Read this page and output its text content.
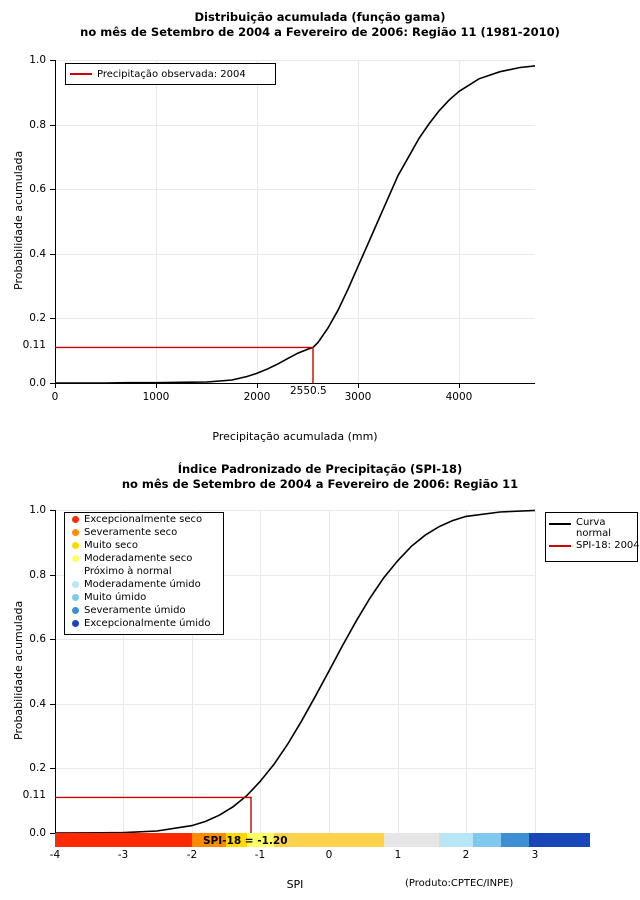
Distribuição acumulada (função gama)
no mês de Setembro de 2004 a Fevereiro de 2006: Região 11 (1981-2010)
0.0
0.2
0.4
0.6
0.8
1.0
0.11
0	1000	2000	3000	4000
Precipitação acumulada (mm)
Probabilidade acumulada
2550.5
Precipitação observada: 2004
Índice Padronizado de Precipitação (SPI-18)
no mês de Setembro de 2004 a Fevereiro de 2006: Região 11
0.0
0.2
0.4
0.6
0.8
1.0
0.11
-4	-3	-2	-1	0	1	2	3
SPI
Probabilidade acumulada
SPI-18 = -1.20
Excepcionalmente seco
Severamente seco
Muito seco
Moderadamente seco
Próximo à normal
Moderadamente úmido
Muito úmido
Severamente úmido
Excepcionalmente úmido
Curva
normal
SPI-18: 2004
(Produto:CPTEC/INPE)
